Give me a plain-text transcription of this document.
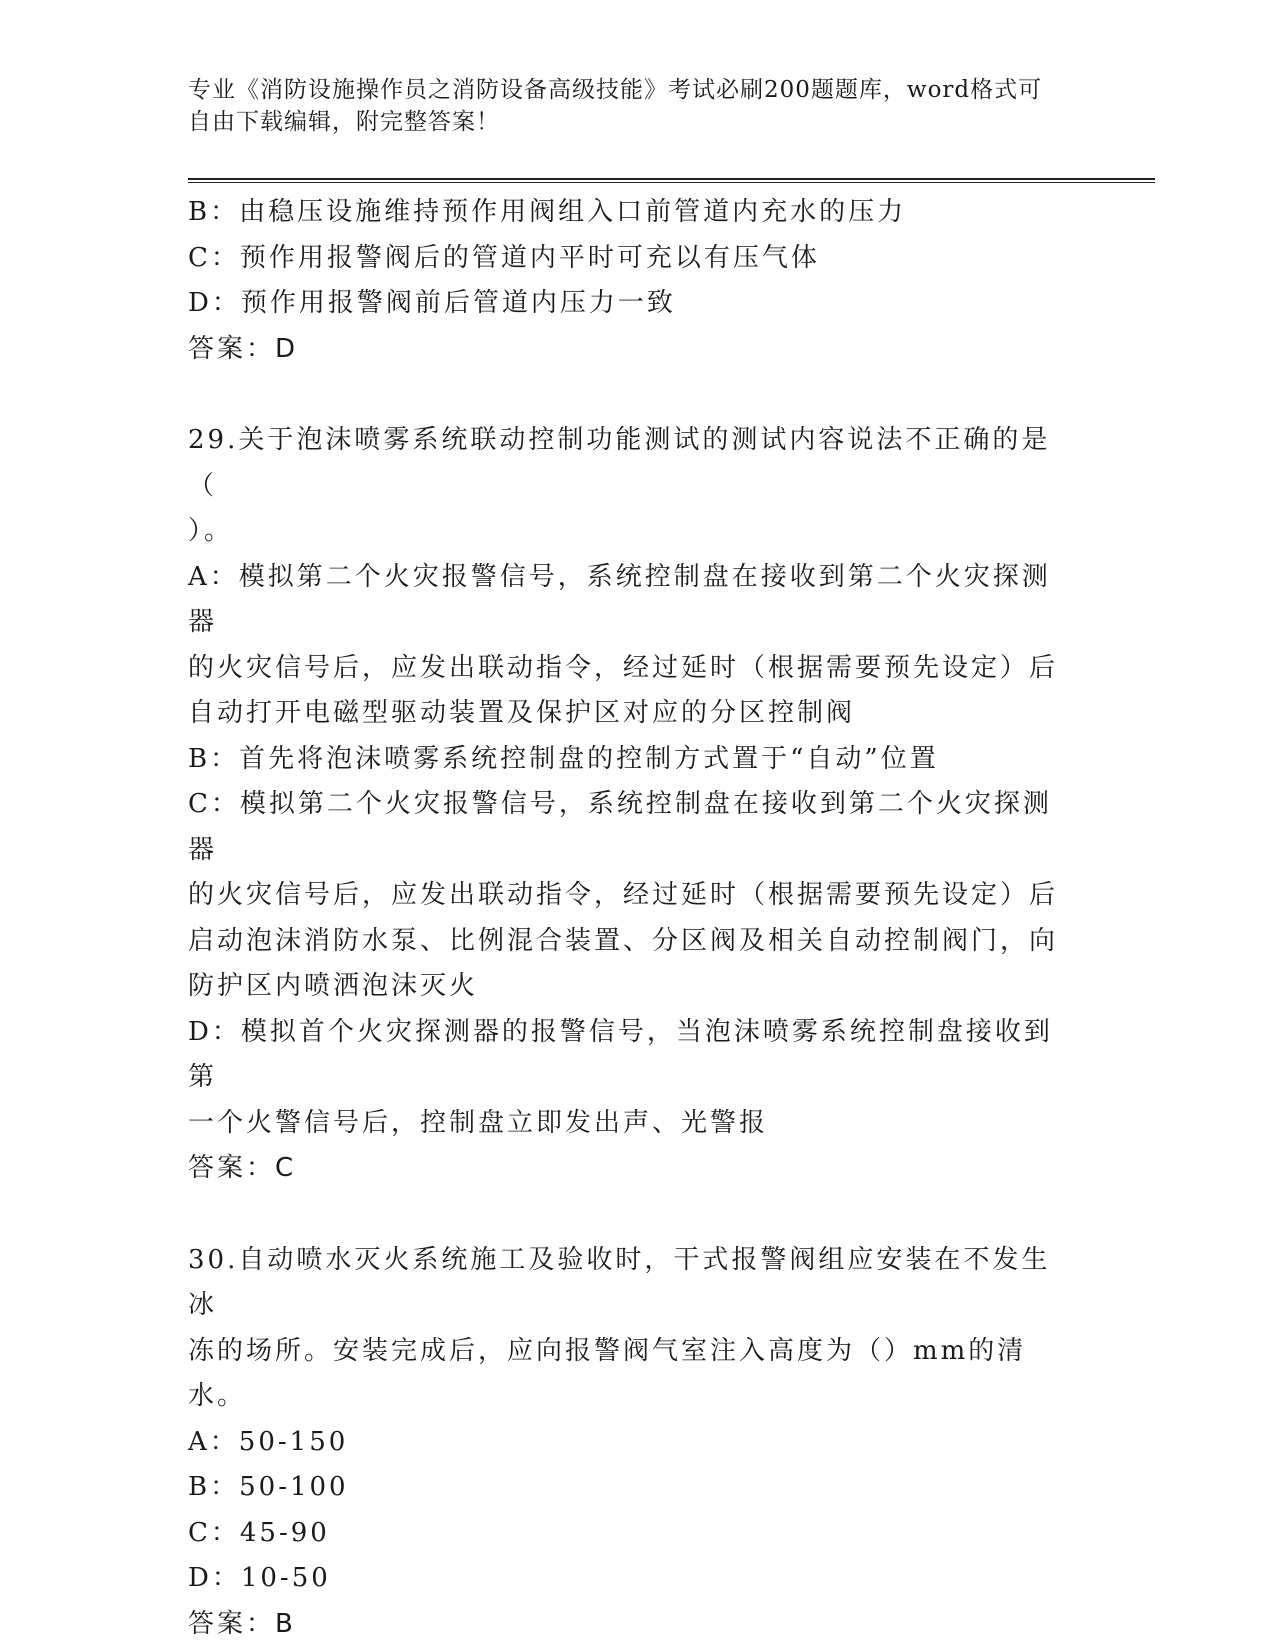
专业《消防设施操作员之消防设备高级技能》考试必刷200题题库，word格式可
自由下载编辑，附完整答案！
B：由稳压设施维持预作用阀组入口前管道内充水的压力
C：预作用报警阀后的管道内平时可充以有压气体
D：预作用报警阀前后管道内压力一致
答案：D
29.关于泡沫喷雾系统联动控制功能测试的测试内容说法不正确的是（
）。
A：模拟第二个火灾报警信号，系统控制盘在接收到第二个火灾探测器
的火灾信号后，应发出联动指令，经过延时（根据需要预先设定）后
自动打开电磁型驱动装置及保护区对应的分区控制阀
B：首先将泡沫喷雾系统控制盘的控制方式置于“自动”位置
C：模拟第二个火灾报警信号，系统控制盘在接收到第二个火灾探测器
的火灾信号后，应发出联动指令，经过延时（根据需要预先设定）后
启动泡沫消防水泵、比例混合装置、分区阀及相关自动控制阀门，向
防护区内喷洒泡沫灭火
D：模拟首个火灾探测器的报警信号，当泡沫喷雾系统控制盘接收到第
一个火警信号后，控制盘立即发出声、光警报
答案：C
30.自动喷水灭火系统施工及验收时，干式报警阀组应安装在不发生冰
冻的场所。安装完成后，应向报警阀气室注入高度为（）mm的清水。
A：50-150
B：50-100
C：45-90
D：10-50
答案：B
